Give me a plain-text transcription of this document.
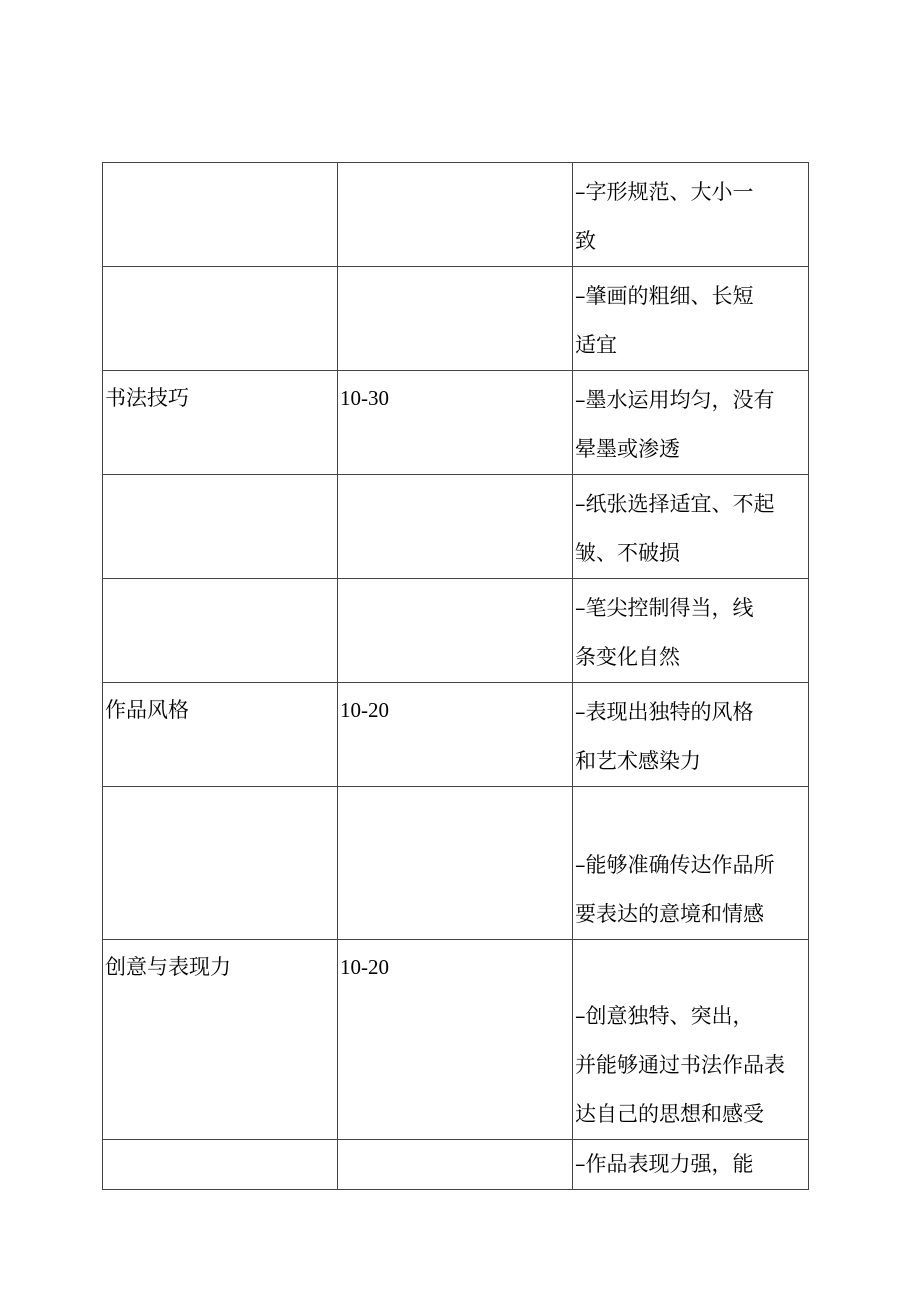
		–字形规范、大小一
致

		–肇画的粗细、长短
适宜

书法技巧	10-30	–墨水运用均匀，没有
晕墨或渗透

		–纸张选择适宜、不起
皱、不破损

		–笔尖控制得当，线
条变化自然

作品风格	10-20	–表现出独特的风格
和艺术感染力

		–能够准确传达作品所
要表达的意境和情感

创意与表现力	10-20	–创意独特、突出，
并能够通过书法作品表
达自己的思想和感受

		–作品表现力强，能
